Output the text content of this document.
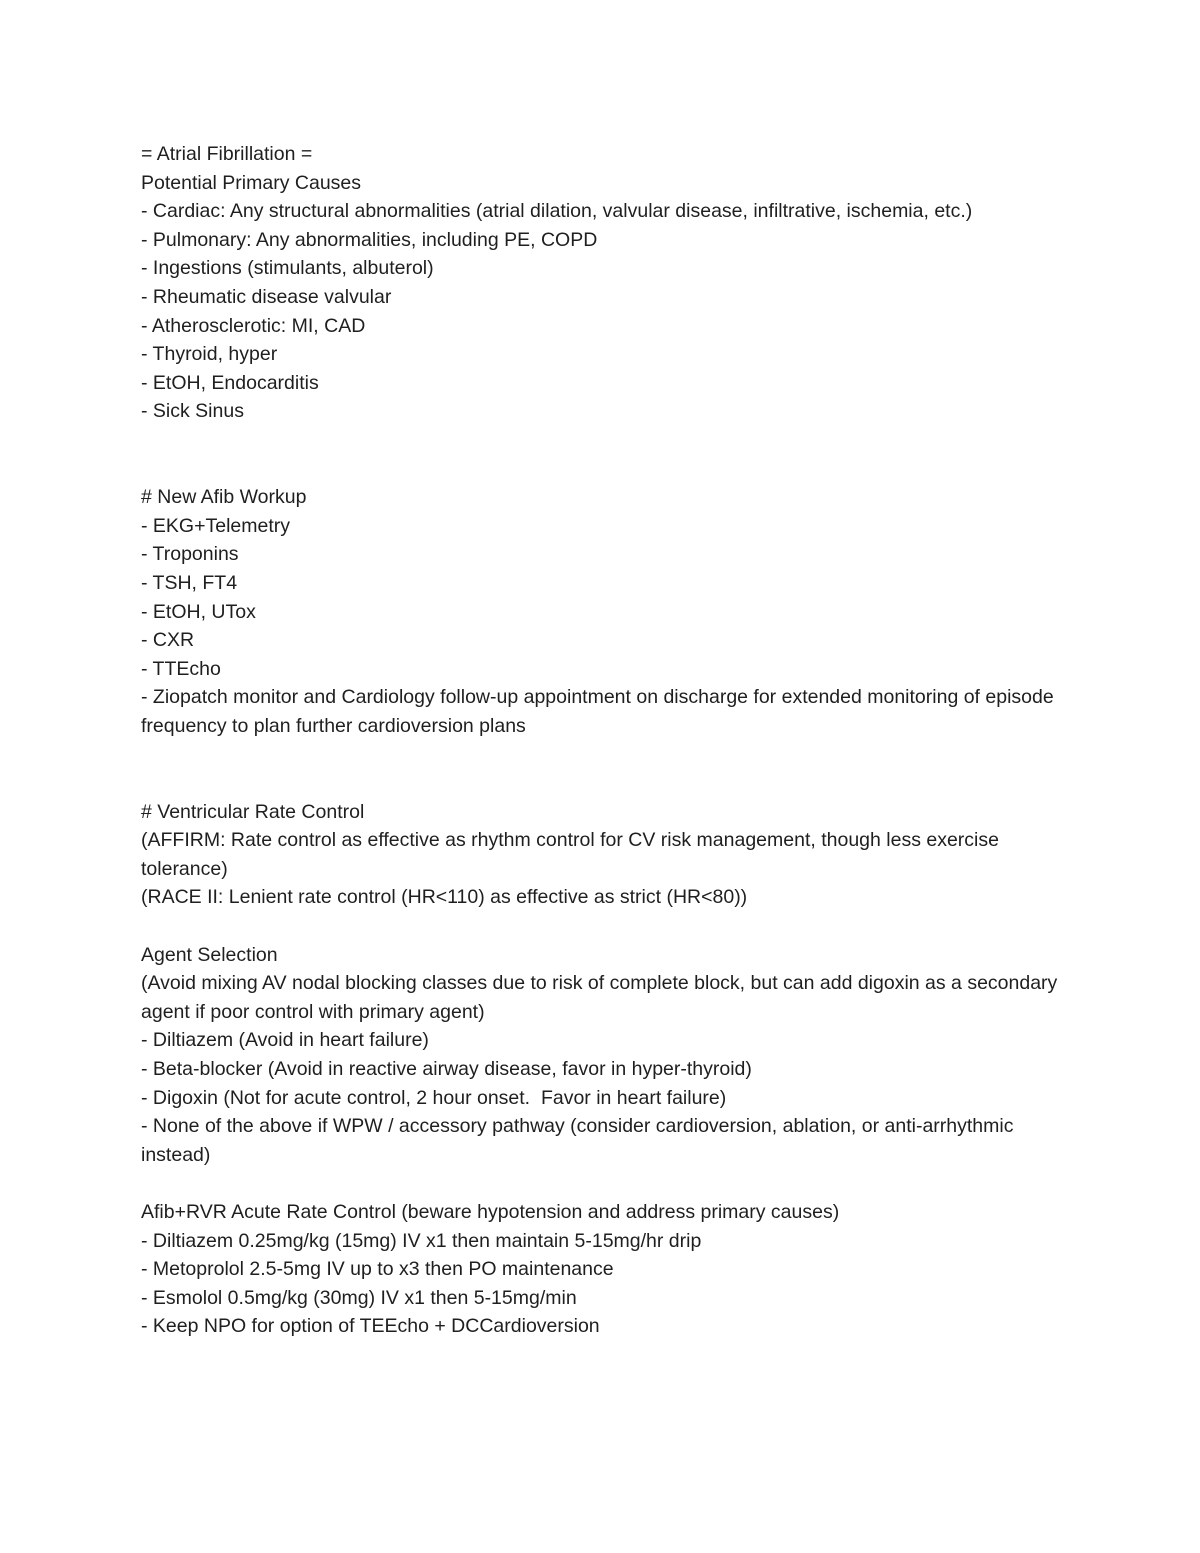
= Atrial Fibrillation =
Potential Primary Causes
- Cardiac: Any structural abnormalities (atrial dilation, valvular disease, infiltrative, ischemia, etc.)
- Pulmonary: Any abnormalities, including PE, COPD
- Ingestions (stimulants, albuterol)
- Rheumatic disease valvular
- Atherosclerotic: MI, CAD
- Thyroid, hyper
- EtOH, Endocarditis
- Sick Sinus
# New Afib Workup
- EKG+Telemetry
- Troponins
- TSH, FT4
- EtOH, UTox
- CXR
- TTEcho
- Ziopatch monitor and Cardiology follow-up appointment on discharge for extended monitoring of episode frequency to plan further cardioversion plans
# Ventricular Rate Control
(AFFIRM: Rate control as effective as rhythm control for CV risk management, though less exercise tolerance)
(RACE II: Lenient rate control (HR<110) as effective as strict (HR<80))
Agent Selection
(Avoid mixing AV nodal blocking classes due to risk of complete block, but can add digoxin as a secondary agent if poor control with primary agent)
- Diltiazem (Avoid in heart failure)
- Beta-blocker (Avoid in reactive airway disease, favor in hyper-thyroid)
- Digoxin (Not for acute control, 2 hour onset.  Favor in heart failure)
- None of the above if WPW / accessory pathway (consider cardioversion, ablation, or anti-arrhythmic instead)
Afib+RVR Acute Rate Control (beware hypotension and address primary causes)
- Diltiazem 0.25mg/kg (15mg) IV x1 then maintain 5-15mg/hr drip
- Metoprolol 2.5-5mg IV up to x3 then PO maintenance
- Esmolol 0.5mg/kg (30mg) IV x1 then 5-15mg/min
- Keep NPO for option of TEEcho + DCCardioversion
